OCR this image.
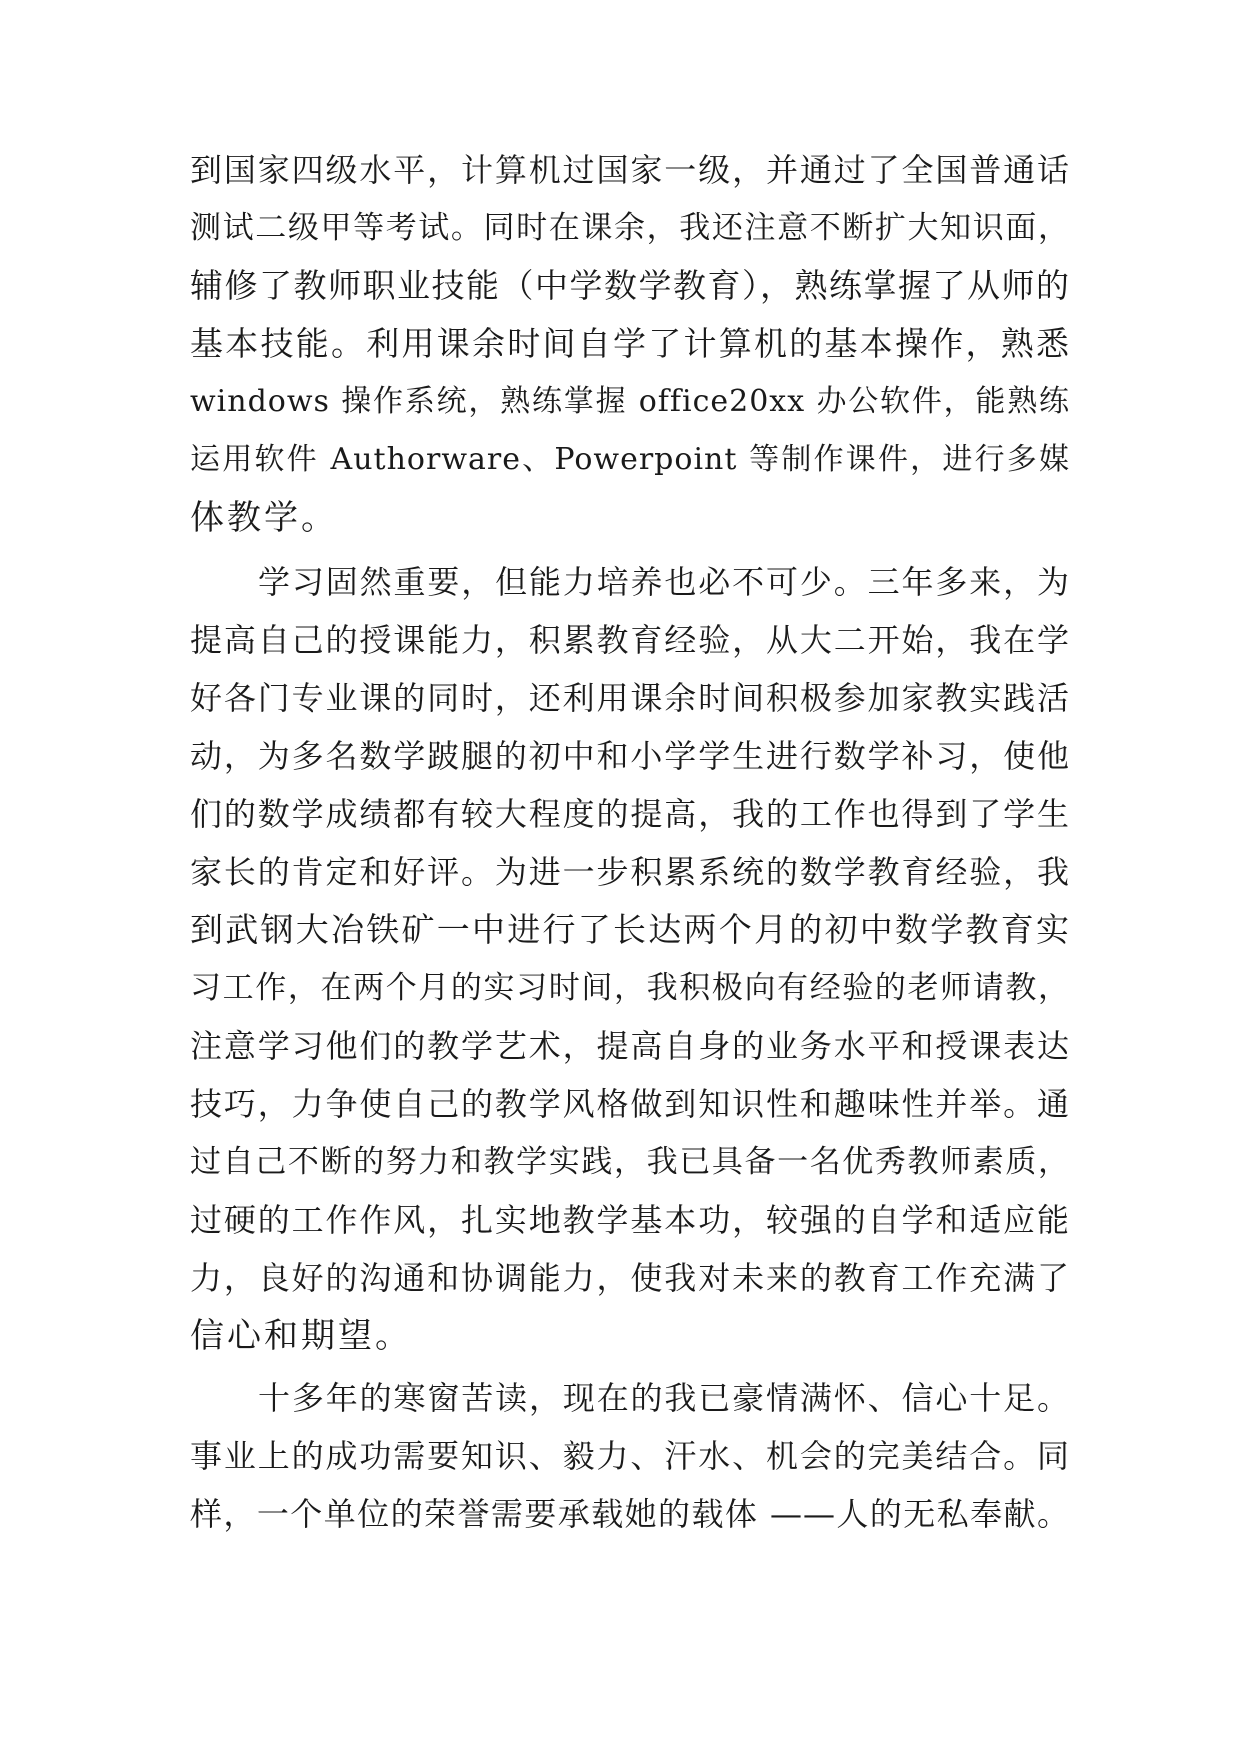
到国家四级水平，计算机过国家一级，并通过了全国普通话
测试二级甲等考试。同时在课余，我还注意不断扩大知识面，
辅修了教师职业技能（中学数学教育），熟练掌握了从师的
基本技能。利用课余时间自学了计算机的基本操作，熟悉
windows 操作系统，熟练掌握 office20xx 办公软件，能熟练
运用软件 Authorware、Powerpoint 等制作课件，进行多媒
体教学。
学习固然重要，但能力培养也必不可少。三年多来，为
提高自己的授课能力，积累教育经验，从大二开始，我在学
好各门专业课的同时，还利用课余时间积极参加家教实践活
动，为多名数学跛腿的初中和小学学生进行数学补习，使他
们的数学成绩都有较大程度的提高，我的工作也得到了学生
家长的肯定和好评。为进一步积累系统的数学教育经验，我
到武钢大冶铁矿一中进行了长达两个月的初中数学教育实
习工作，在两个月的实习时间，我积极向有经验的老师请教，
注意学习他们的教学艺术，提高自身的业务水平和授课表达
技巧，力争使自己的教学风格做到知识性和趣味性并举。通
过自己不断的努力和教学实践，我已具备一名优秀教师素质，
过硬的工作作风，扎实地教学基本功，较强的自学和适应能
力，良好的沟通和协调能力，使我对未来的教育工作充满了
信心和期望。
十多年的寒窗苦读，现在的我已豪情满怀、信心十足。
事业上的成功需要知识、毅力、汗水、机会的完美结合。同
样，一个单位的荣誉需要承载她的载体 ——人的无私奉献。
